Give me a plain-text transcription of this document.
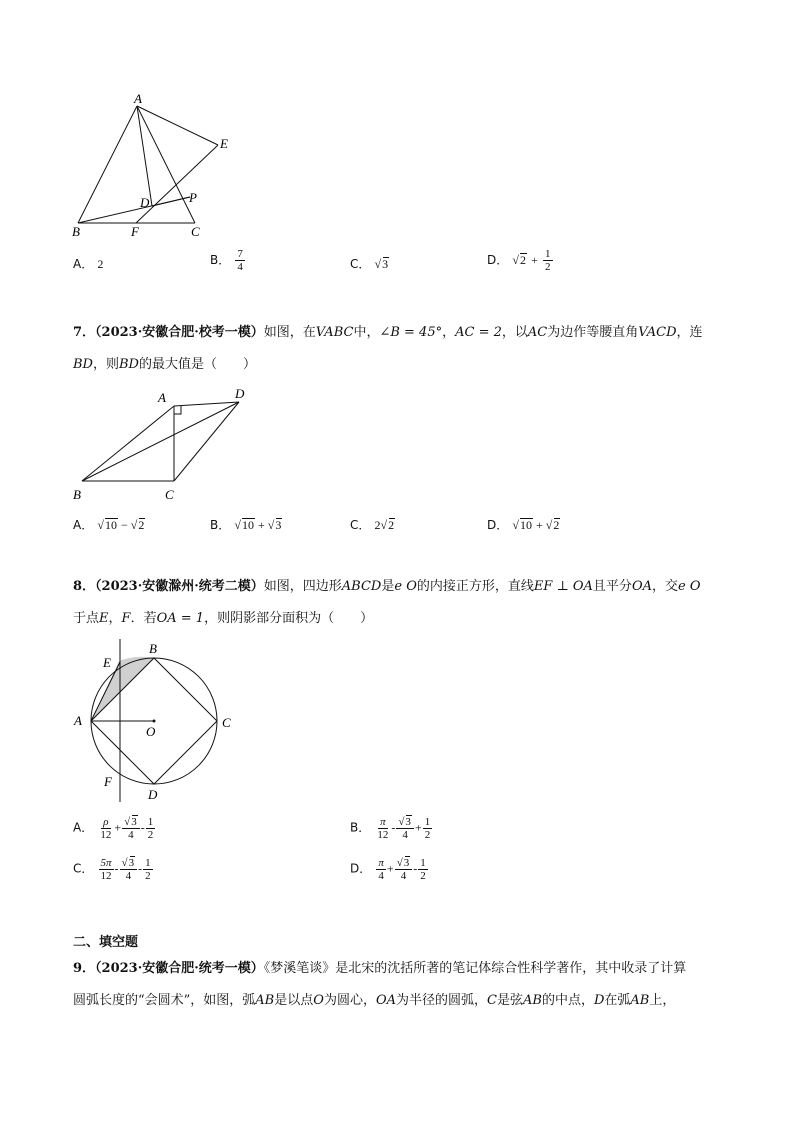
A
E
D	P
B	F	C
A． 2	B． $\frac{7}{4}$	C． √ 3	D． √ $2 + \frac{1}{2}$
7．（2023·安徽合肥·校考一模）如图，在VABC中，∠B = 45°，AC = 2，以AC为边作等腰直角VACD，连
BD，则BD的最大值是（　　）
A	D
B	C
A． √ 10 − √ 2	B． √ 10 + √ 3	C． 2 √ 2	D． √ 10 + √ 2
8．（2023·安徽滁州·统考二模）如图，四边形ABCD是e O的内接正方形，直线EF ⊥ OA且平分OA，交e O
于点E，F．若OA = 1，则阴影部分面积为（　　）
E
B
A	C
O
F
D
A． $\frac{\rho}{12}$ + √ $\frac{3}{4} - \frac{1}{2}$	B． $\frac{\pi}{12}$ - √ $\frac{3}{4} + \frac{1}{2}$
C． $\frac{5\pi}{12}$ - √ $\frac{3}{4} - \frac{1}{2}$	D． $\frac{\pi}{4}$ + √ $\frac{3}{4} - \frac{1}{2}$
二、填空题
9．（2023·安徽合肥·统考一模）《梦溪笔谈》是北宋的沈括所著的笔记体综合性科学著作，其中收录了计算
圆弧长度的“会圆术”，如图，弧AB是以点O为圆心，OA为半径的圆弧，C是弦AB的中点，D在弧AB上，
